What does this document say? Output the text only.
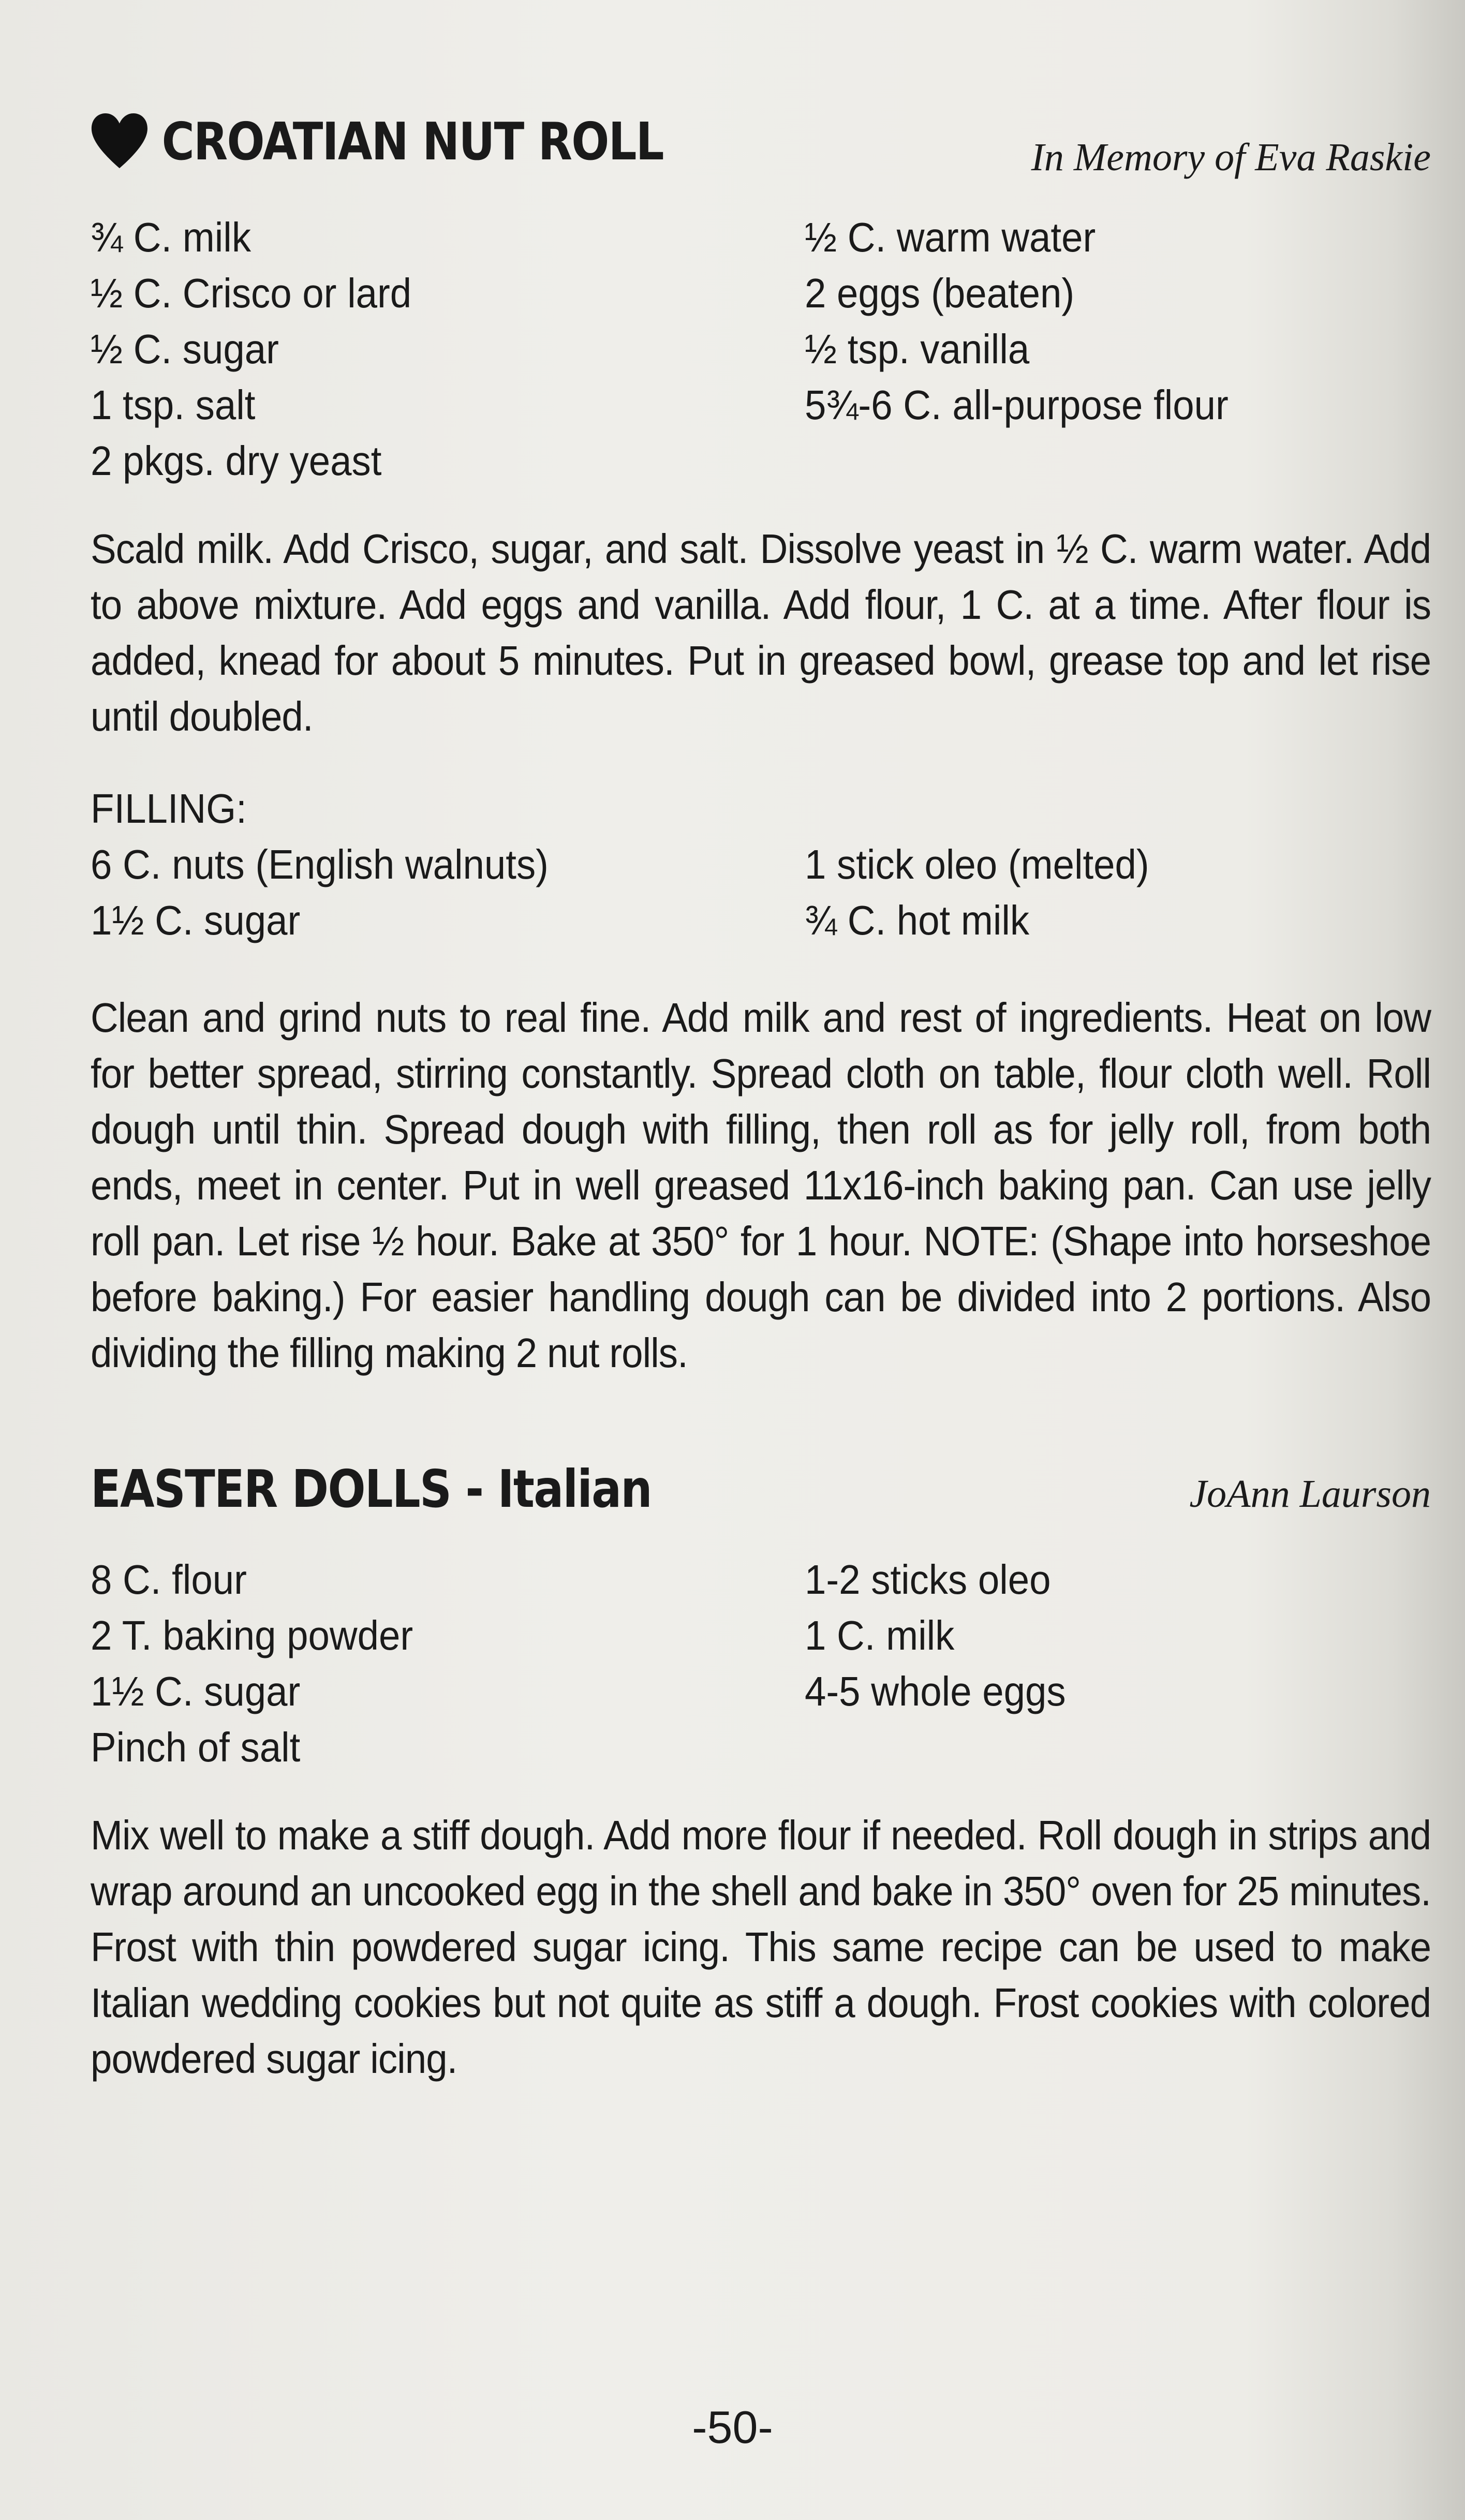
CROATIAN NUT ROLL	In Memory of Eva Raskie
¾ C. milk
½ C. Crisco or lard
½ C. sugar
1 tsp. salt
2 pkgs. dry yeast
½ C. warm water
2 eggs (beaten)
½ tsp. vanilla
5¾-6 C. all-purpose flour

Scald milk. Add Crisco, sugar, and salt. Dissolve yeast in ½ C. warm water. Add to above mixture. Add eggs and vanilla. Add flour, 1 C. at a time. After flour is added, knead for about 5 minutes. Put in greased bowl, grease top and let rise until doubled.

FILLING:
6 C. nuts (English walnuts)
1½ C. sugar
1 stick oleo (melted)
¾ C. hot milk

Clean and grind nuts to real fine. Add milk and rest of ingredients. Heat on low for better spread, stirring constantly. Spread cloth on table, flour cloth well. Roll dough until thin. Spread dough with filling, then roll as for jelly roll, from both ends, meet in center. Put in well greased 11x16-inch baking pan. Can use jelly roll pan. Let rise ½ hour. Bake at 350° for 1 hour. NOTE: (Shape into horseshoe before baking.) For easier handling dough can be divided into 2 portions. Also dividing the filling making 2 nut rolls.

EASTER DOLLS - Italian	JoAnn Laurson
8 C. flour
2 T. baking powder
1½ C. sugar
Pinch of salt
1-2 sticks oleo
1 C. milk
4-5 whole eggs

Mix well to make a stiff dough. Add more flour if needed. Roll dough in strips and wrap around an uncooked egg in the shell and bake in 350° oven for 25 minutes. Frost with thin powdered sugar icing. This same recipe can be used to make Italian wedding cookies but not quite as stiff a dough. Frost cookies with colored powdered sugar icing.

-50-
